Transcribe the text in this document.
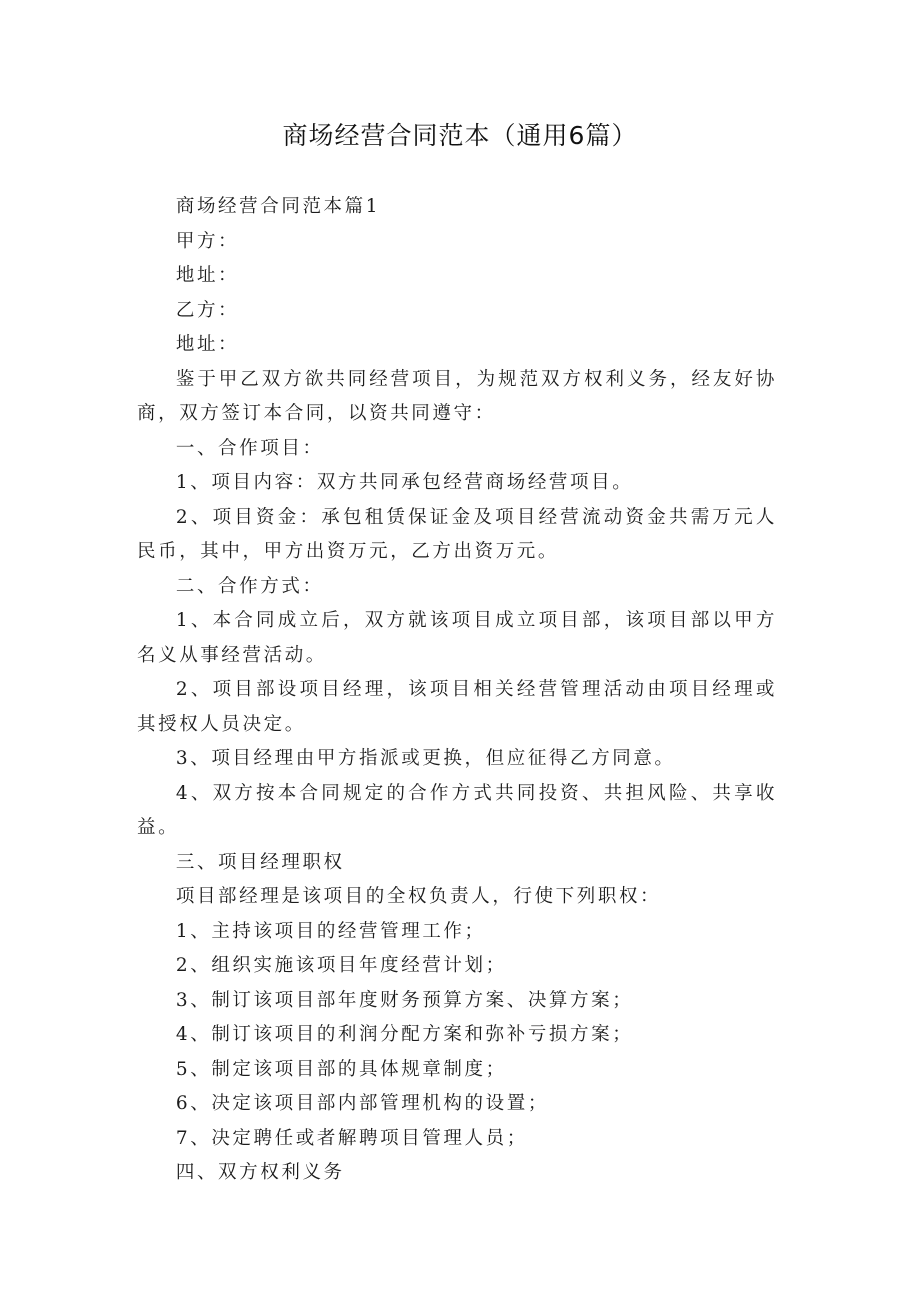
商场经营合同范本（通用6篇）

商场经营合同范本篇1

甲方：

地址：

乙方：

地址：

鉴于甲乙双方欲共同经营项目，为规范双方权利义务，经友好协商，双方签订本合同，以资共同遵守：

一、合作项目：

1、项目内容：双方共同承包经营商场经营项目。

2、项目资金：承包租赁保证金及项目经营流动资金共需万元人民币，其中，甲方出资万元，乙方出资万元。

二、合作方式：

1、本合同成立后，双方就该项目成立项目部，该项目部以甲方名义从事经营活动。

2、项目部设项目经理，该项目相关经营管理活动由项目经理或其授权人员决定。

3、项目经理由甲方指派或更换，但应征得乙方同意。

4、双方按本合同规定的合作方式共同投资、共担风险、共享收益。

三、项目经理职权

项目部经理是该项目的全权负责人，行使下列职权：

1、主持该项目的经营管理工作；

2、组织实施该项目年度经营计划；

3、制订该项目部年度财务预算方案、决算方案；

4、制订该项目的利润分配方案和弥补亏损方案；

5、制定该项目部的具体规章制度；

6、决定该项目部内部管理机构的设置；

7、决定聘任或者解聘项目管理人员；

四、双方权利义务
